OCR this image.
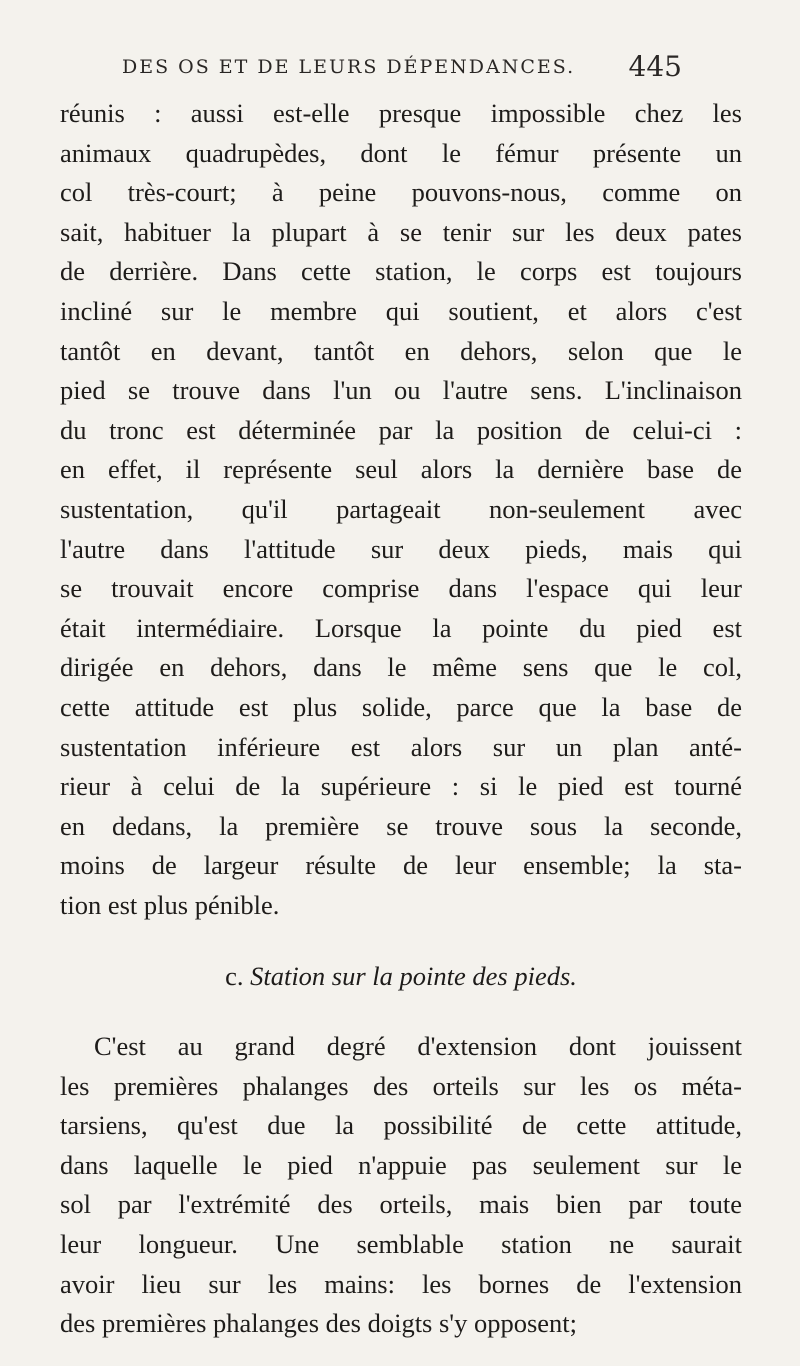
DES OS ET DE LEURS DÉPENDANCES. 445
réunis : aussi est-elle presque impossible chez les
animaux quadrupèdes, dont le fémur présente un
col très-court; à peine pouvons-nous, comme on
sait, habituer la plupart à se tenir sur les deux pates
de derrière. Dans cette station, le corps est toujours
incliné sur le membre qui soutient, et alors c'est
tantôt en devant, tantôt en dehors, selon que le
pied se trouve dans l'un ou l'autre sens. L'inclinaison
du tronc est déterminée par la position de celui-ci :
en effet, il représente seul alors la dernière base de
sustentation, qu'il partageait non-seulement avec
l'autre dans l'attitude sur deux pieds, mais qui
se trouvait encore comprise dans l'espace qui leur
était intermédiaire. Lorsque la pointe du pied est
dirigée en dehors, dans le même sens que le col,
cette attitude est plus solide, parce que la base de
sustentation inférieure est alors sur un plan anté-
rieur à celui de la supérieure : si le pied est tourné
en dedans, la première se trouve sous la seconde,
moins de largeur résulte de leur ensemble; la sta-
tion est plus pénible.
c. Station sur la pointe des pieds.
C'est au grand degré d'extension dont jouissent
les premières phalanges des orteils sur les os méta-
tarsiens, qu'est due la possibilité de cette attitude,
dans laquelle le pied n'appuie pas seulement sur le
sol par l'extrémité des orteils, mais bien par toute
leur longueur. Une semblable station ne saurait
avoir lieu sur les mains: les bornes de l'extension
des premières phalanges des doigts s'y opposent;
